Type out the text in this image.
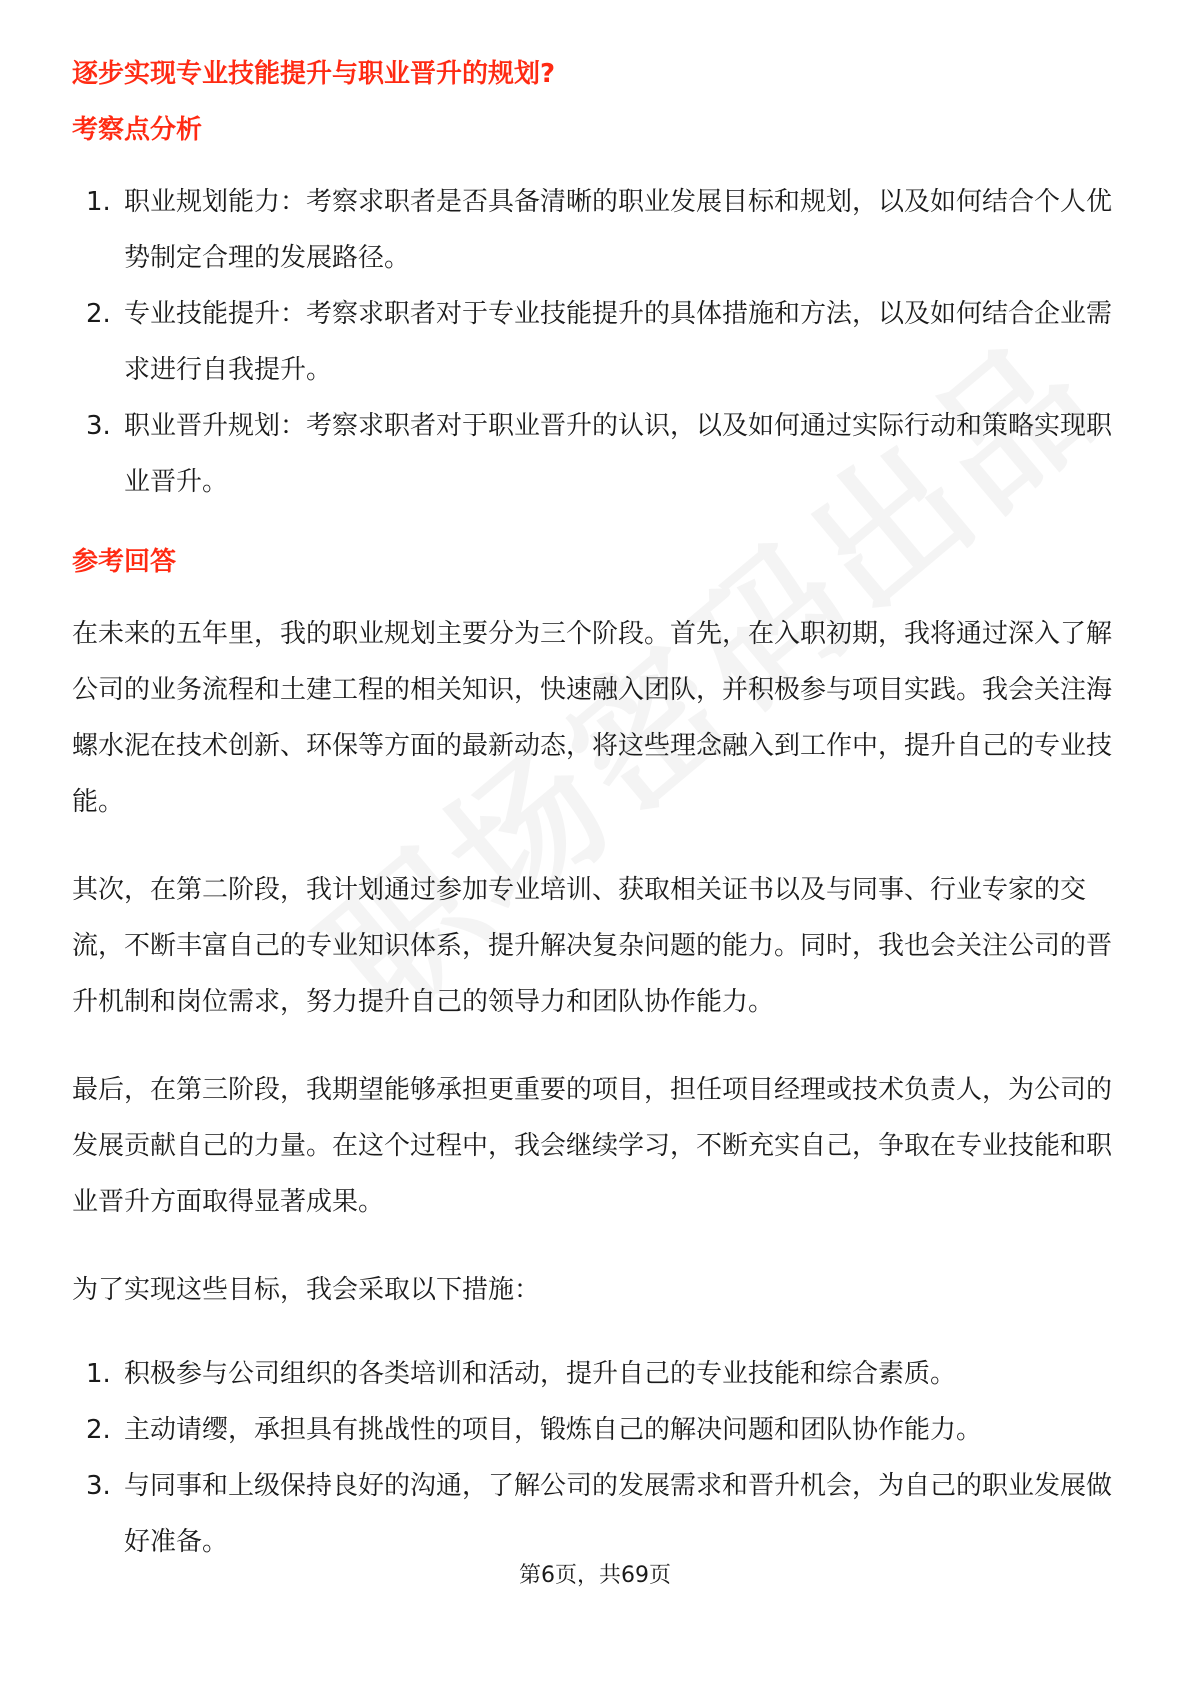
逐步实现专业技能提升与职业晋升的规划?
考察点分析
1. 职业规划能力：考察求职者是否具备清晰的职业发展目标和规划，以及如何结合个人优势制定合理的发展路径。
2. 专业技能提升：考察求职者对于专业技能提升的具体措施和方法，以及如何结合企业需求进行自我提升。
3. 职业晋升规划：考察求职者对于职业晋升的认识，以及如何通过实际行动和策略实现职业晋升。
参考回答

在未来的五年里，我的职业规划主要分为三个阶段。首先，在入职初期，我将通过深入了解公司的业务流程和土建工程的相关知识，快速融入团队，并积极参与项目实践。我会关注海螺水泥在技术创新、环保等方面的最新动态，将这些理念融入到工作中，提升自己的专业技能。

其次，在第二阶段，我计划通过参加专业培训、获取相关证书以及与同事、行业专家的交流，不断丰富自己的专业知识体系，提升解决复杂问题的能力。同时，我也会关注公司的晋升机制和岗位需求，努力提升自己的领导力和团队协作能力。

最后，在第三阶段，我期望能够承担更重要的项目，担任项目经理或技术负责人，为公司的发展贡献自己的力量。在这个过程中，我会继续学习，不断充实自己，争取在专业技能和职业晋升方面取得显著成果。

为了实现这些目标，我会采取以下措施：

1. 积极参与公司组织的各类培训和活动，提升自己的专业技能和综合素质。
2. 主动请缨，承担具有挑战性的项目，锻炼自己的解决问题和团队协作能力。
3. 与同事和上级保持良好的沟通，了解公司的发展需求和晋升机会，为自己的职业发展做好准备。
第6页，共69页
